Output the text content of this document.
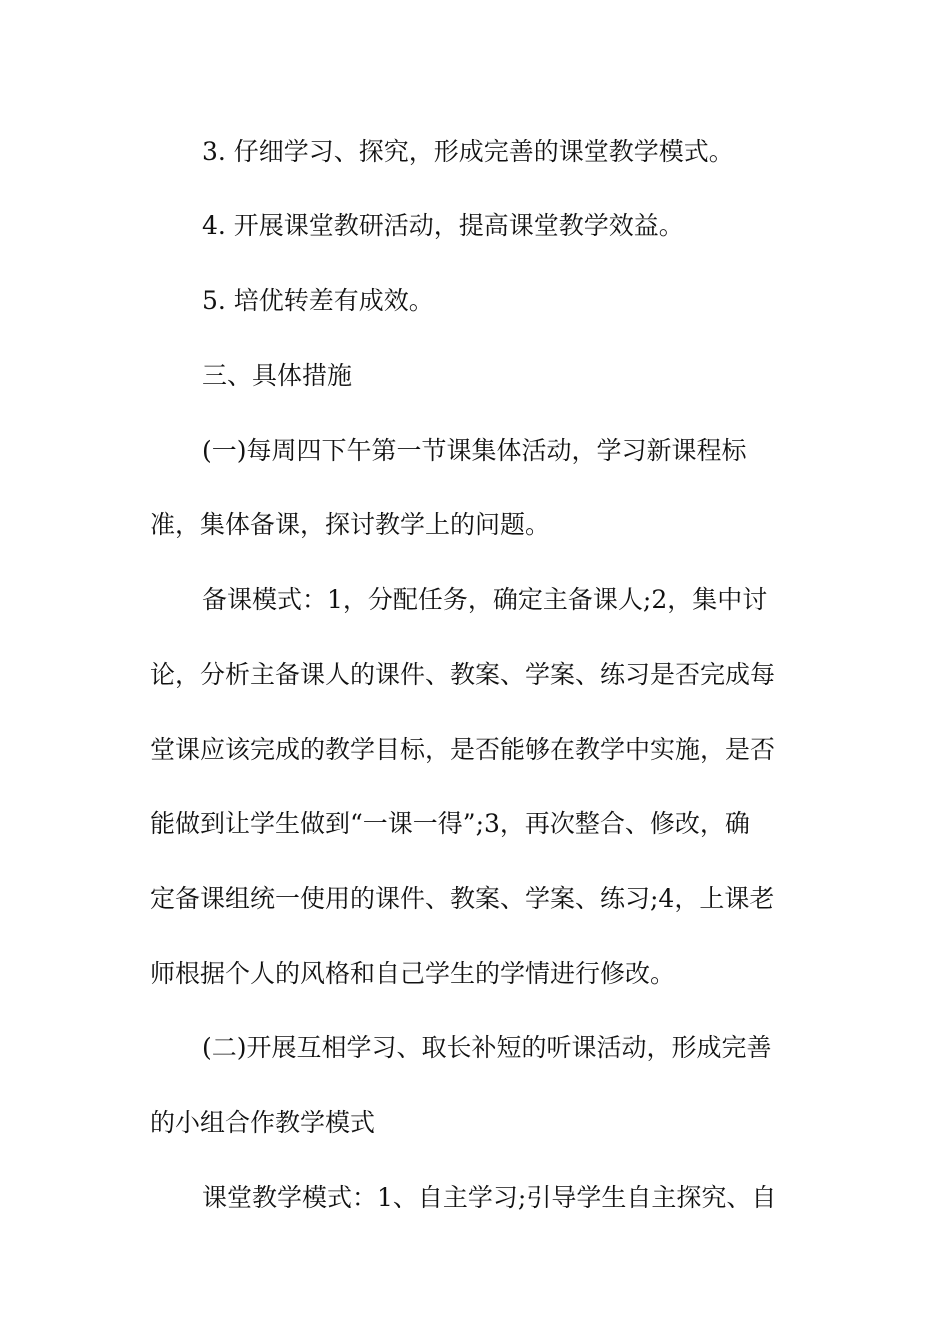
3. 仔细学习、探究，形成完善的课堂教学模式。
4. 开展课堂教研活动，提高课堂教学效益。
5. 培优转差有成效。
三、具体措施
(一)每周四下午第一节课集体活动，学习新课程标
准，集体备课，探讨教学上的问题。
备课模式：1，分配任务，确定主备课人;2，集中讨
论，分析主备课人的课件、教案、学案、练习是否完成每
堂课应该完成的教学目标，是否能够在教学中实施，是否
能做到让学生做到“一课一得”;3，再次整合、修改，确
定备课组统一使用的课件、教案、学案、练习;4，上课老
师根据个人的风格和自己学生的学情进行修改。
(二)开展互相学习、取长补短的听课活动，形成完善
的小组合作教学模式
课堂教学模式：1、自主学习;引导学生自主探究、自
